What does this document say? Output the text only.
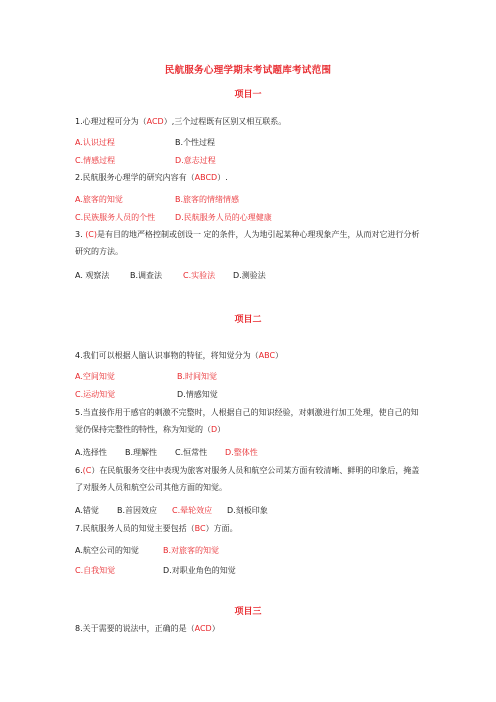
民航服务心理学期末考试题库考试范围
项目一
1.心理过程可分为（ACD）,三个过程既有区别又相互联系。
A.认识过程	B.个性过程
C.情感过程	D.意志过程
2.民航服务心理学的研究内容有（ABCD）.
A.旅客的知觉	B.旅客的情绪情感
C.民族服务人员的个性 D.民航服务人员的心理健康
3. (C)是有目的地严格控制或创设一 定的条件，人为地引起某种心理现象产生，从而对它进行分析研究的方法。
A. 观察法	B.调查法	C.实验法 D.测验法
项目二
4.我们可以根据人脑认识事物的特征，将知觉分为（ABC）
A.空间知觉	B.时间知觉
C.运动知觉	D.情感知觉
5.当直接作用于感官的刺激不完整时，人根据自己的知识经验，对刺激进行加工处理，使自己的知觉仍保持完整性的特性，称为知觉的（D）
A.选择性 B.理解性 C.恒常性 D.整体性
6.(C）在民航服务交往中表现为旅客对服务人员和航空公司某方面有较清晰、鲜明的印象后，掩盖了对服务人员和航空公司其他方面的知觉。
A.错觉 B.首因效应 C.晕轮效应 D.刻板印象
7.民航服务人员的知觉主要包括（BC）方面。
A.航空公司的知觉	B.对旅客的知觉
C.自我知觉	D.对职业角色的知觉
项目三
8.关于需要的说法中，正确的是（ACD）
